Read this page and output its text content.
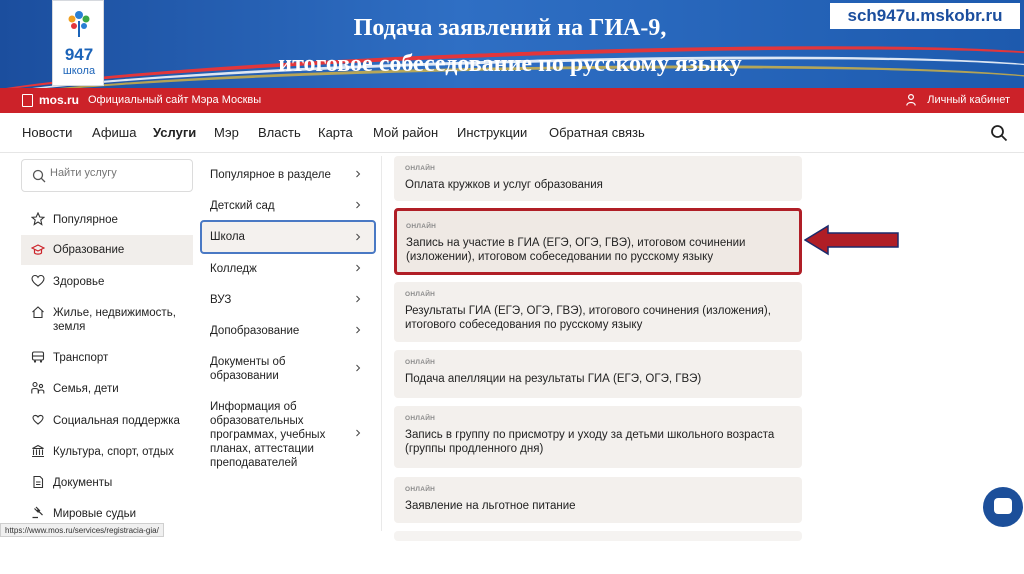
947
школа
Подача заявлений на ГИА-9,
итоговое собеседование по русскому языку
sch947u.mskobr.ru
mos.ru Официальный сайт Мэра Москвы	Личный кабинет
Новости Афиша Услуги Мэр Власть Карта Мой район Инструкции Обратная связь
Найти услугу
Популярное
Образование
Здоровье
Жилье, недвижимость, земля
Транспорт
Семья, дети
Социальная поддержка
Культура, спорт, отдых
Документы
Мировые судьи
Популярное в разделе
Детский сад
Школа
Колледж
ВУЗ
Допобразование
Документы об образовании
Информация об образовательных программах, учебных планах, аттестации преподавателей
ОНЛАЙН
Оплата кружков и услуг образования
ОНЛАЙН
Запись на участие в ГИА (ЕГЭ, ОГЭ, ГВЭ), итоговом сочинении (изложении), итоговом собеседовании по русскому языку
ОНЛАЙН
Результаты ГИА (ЕГЭ, ОГЭ, ГВЭ), итогового сочинения (изложения), итогового собеседования по русскому языку
ОНЛАЙН
Подача апелляции на результаты ГИА (ЕГЭ, ОГЭ, ГВЭ)
ОНЛАЙН
Запись в группу по присмотру и уходу за детьми школьного возраста (группы продленного дня)
ОНЛАЙН
Заявление на льготное питание
https://www.mos.ru/services/registracia-gia/
